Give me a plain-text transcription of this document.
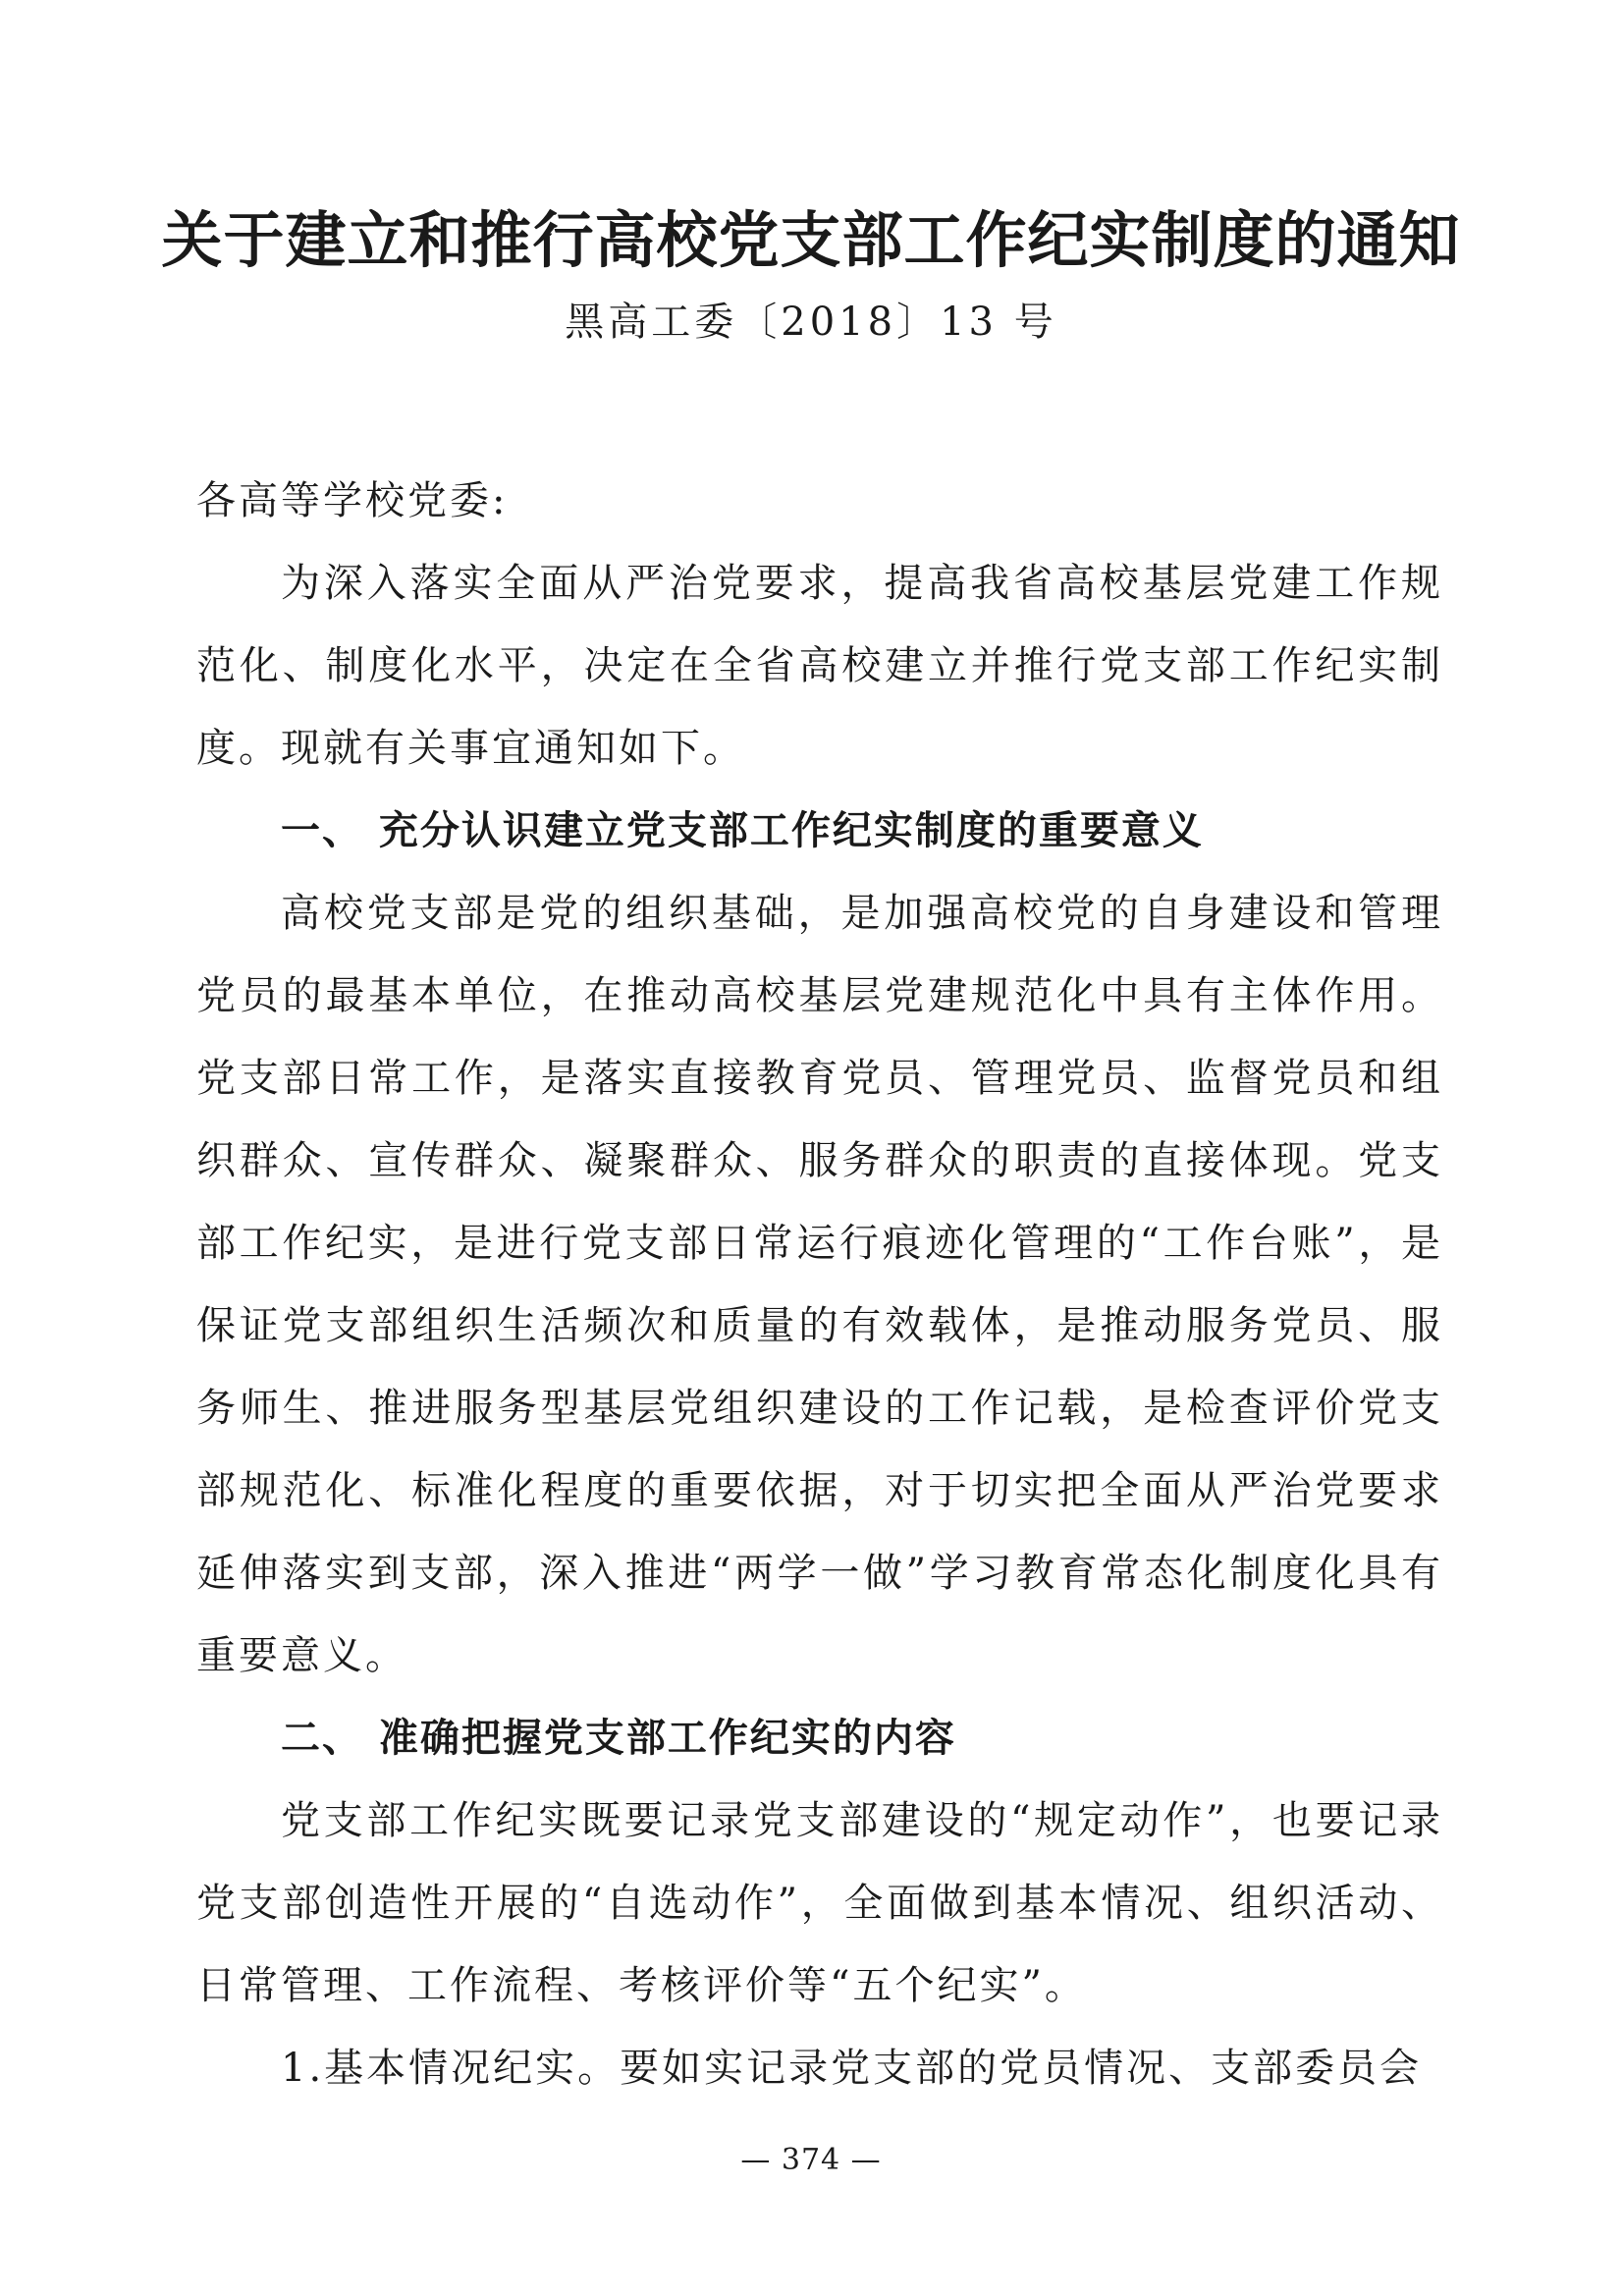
关于建立和推行高校党支部工作纪实制度的通知
黑高工委〔2018〕13 号

各高等学校党委:

为深入落实全面从严治党要求，提高我省高校基层党建工作规范化、制度化水平，决定在全省高校建立并推行党支部工作纪实制度。现就有关事宜通知如下。

一、 充分认识建立党支部工作纪实制度的重要意义

高校党支部是党的组织基础，是加强高校党的自身建设和管理党员的最基本单位，在推动高校基层党建规范化中具有主体作用。党支部日常工作，是落实直接教育党员、管理党员、监督党员和组织群众、宣传群众、凝聚群众、服务群众的职责的直接体现。党支部工作纪实，是进行党支部日常运行痕迹化管理的“工作台账”，是保证党支部组织生活频次和质量的有效载体，是推动服务党员、服务师生、推进服务型基层党组织建设的工作记载，是检查评价党支部规范化、标准化程度的重要依据，对于切实把全面从严治党要求延伸落实到支部，深入推进“两学一做”学习教育常态化制度化具有重要意义。

二、 准确把握党支部工作纪实的内容

党支部工作纪实既要记录党支部建设的“规定动作”，也要记录党支部创造性开展的“自选动作”，全面做到基本情况、组织活动、日常管理、工作流程、考核评价等“五个纪实”。

1.基本情况纪实。要如实记录党支部的党员情况、支部委员会

— 374 —
